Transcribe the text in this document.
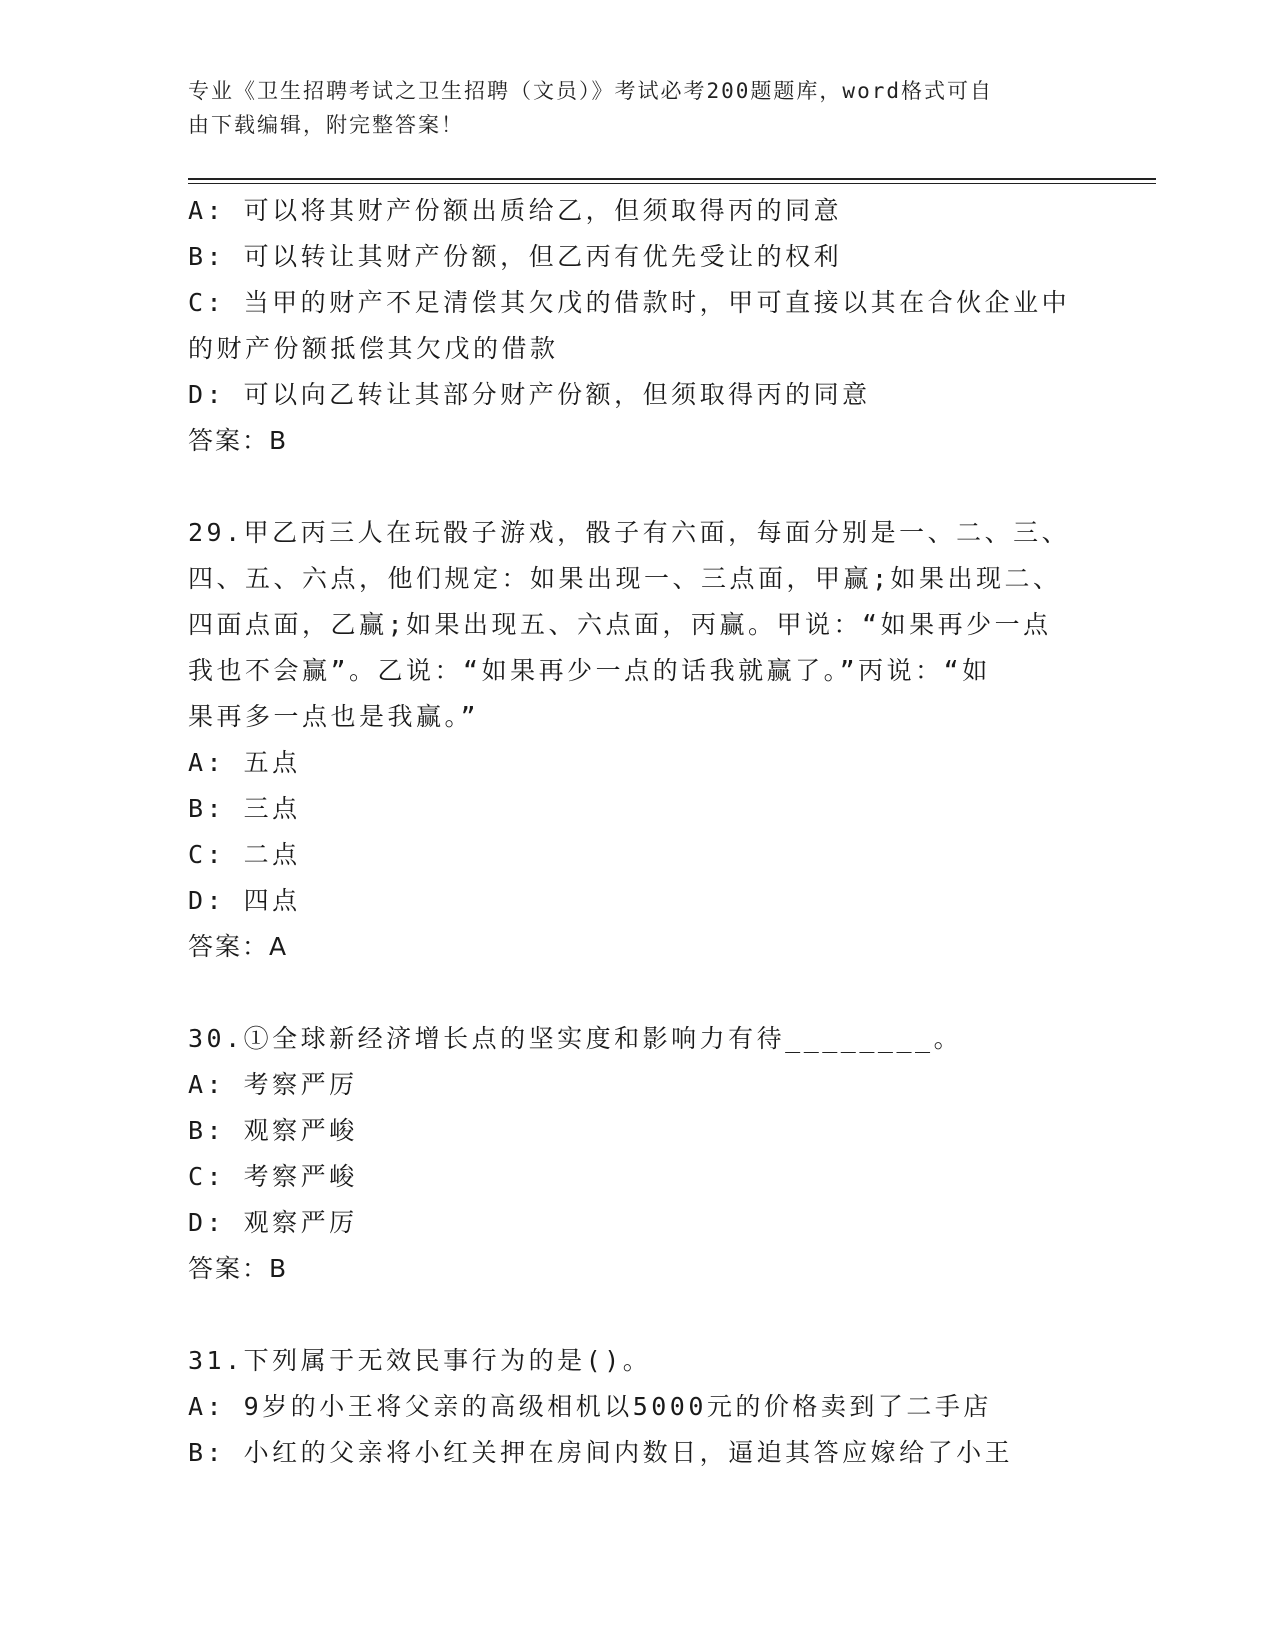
专业《卫生招聘考试之卫生招聘（文员）》考试必考200题题库，word格式可自
由下载编辑，附完整答案！
A: 可以将其财产份额出质给乙，但须取得丙的同意
B: 可以转让其财产份额，但乙丙有优先受让的权利
C: 当甲的财产不足清偿其欠戊的借款时，甲可直接以其在合伙企业中
的财产份额抵偿其欠戊的借款
D: 可以向乙转让其部分财产份额，但须取得丙的同意
答案：B
29.甲乙丙三人在玩骰子游戏，骰子有六面，每面分别是一、二、三、
四、五、六点，他们规定：如果出现一、三点面，甲赢;如果出现二、
四面点面，乙赢;如果出现五、六点面，丙赢。甲说：“如果再少一点
我也不会赢”。乙说：“如果再少一点的话我就赢了。”丙说：“如
果再多一点也是我赢。”
A: 五点
B: 三点
C: 二点
D: 四点
答案：A
30.①全球新经济增长点的坚实度和影响力有待________。
A: 考察严厉
B: 观察严峻
C: 考察严峻
D: 观察严厉
答案：B
31.下列属于无效民事行为的是()。
A: 9岁的小王将父亲的高级相机以5000元的价格卖到了二手店
B: 小红的父亲将小红关押在房间内数日，逼迫其答应嫁给了小王
